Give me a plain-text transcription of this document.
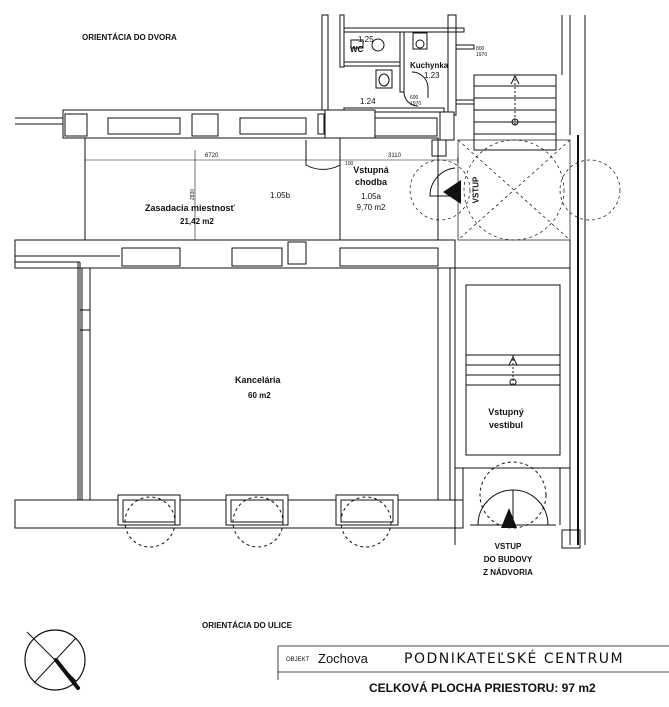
ORIENTÁCIA DO DVORA
ORIENTÁCIA DO ULICE
6720	3110
100
2830
1.25
WC
Kuchynka
1.23
1.24
800
1970
600
1970
1.05b
Zasadacia miestnosť
21,42 m2
Vstupná
chodba
1.05a
9,70 m2
VSTUP
Kancelária
60 m2
Vstupný
vestibul
VSTUP
DO BUDOVY
Z NÁDVORIA
OBJEKT Zochova	PODNIKATEĽSKÉ CENTRUM
CELKOVÁ PLOCHA PRIESTORU: 97 m2
